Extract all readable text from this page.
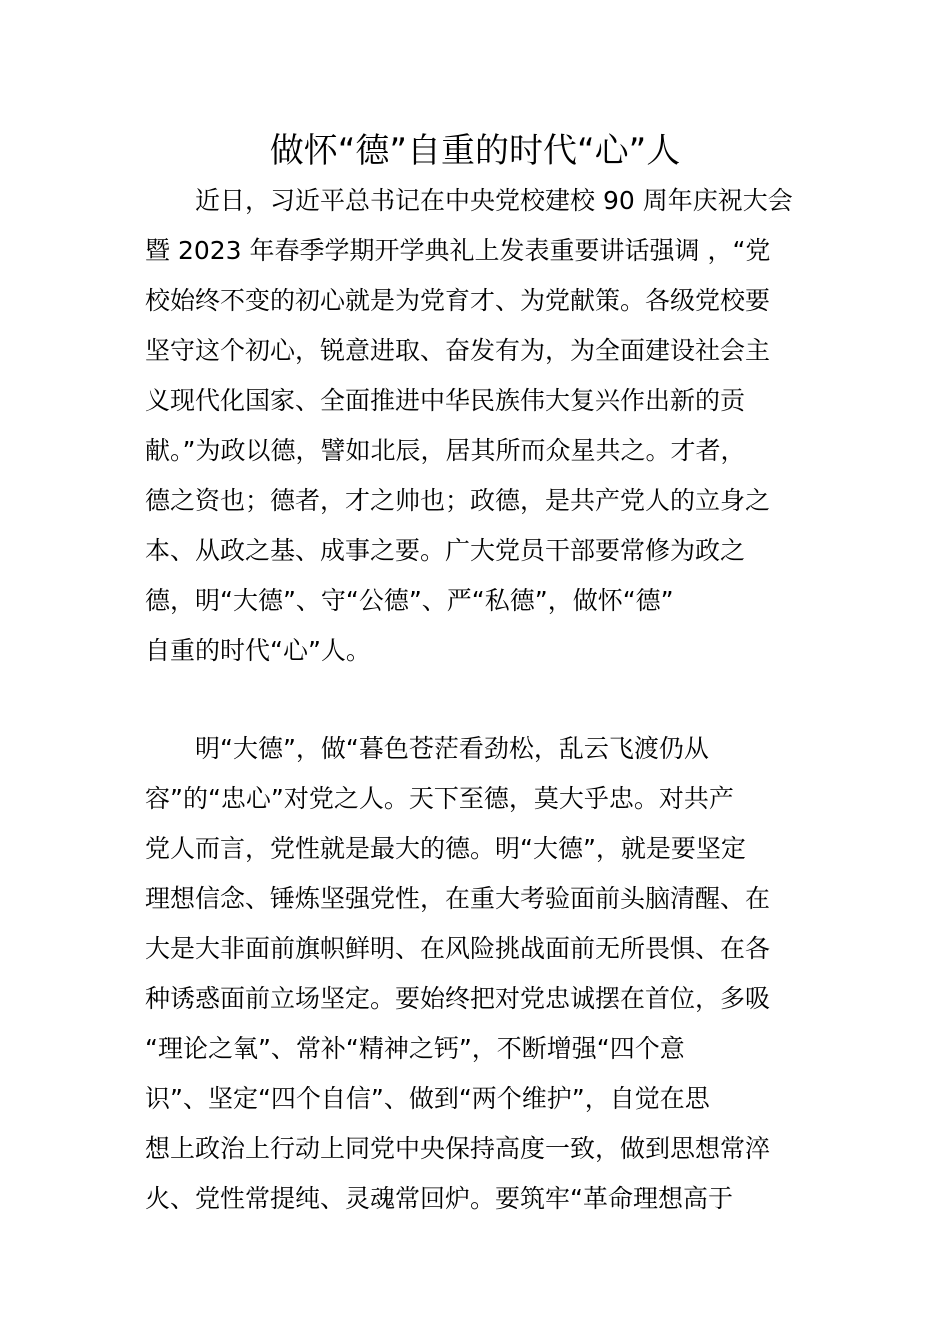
做怀“德”自重的时代“心”人
　　近日，习近平总书记在中央党校建校 90 周年庆祝大会
暨 2023 年春季学期开学典礼上发表重要讲话强调 ，“党
校始终不变的初心就是为党育才、为党献策。各级党校要
坚守这个初心，锐意进取、奋发有为，为全面建设社会主
义现代化国家、全面推进中华民族伟大复兴作出新的贡
献。”为政以德，譬如北辰，居其所而众星共之。才者，
德之资也；德者，才之帅也；政德，是共产党人的立身之
本、从政之基、成事之要。广大党员干部要常修为政之
德，明“大德”、守“公德”、严“私德”，做怀“德”
自重的时代“心”人。
　　明“大德”，做“暮色苍茫看劲松，乱云飞渡仍从
容”的“忠心”对党之人。天下至德，莫大乎忠。对共产
党人而言，党性就是最大的德。明“大德”，就是要坚定
理想信念、锤炼坚强党性，在重大考验面前头脑清醒、在
大是大非面前旗帜鲜明、在风险挑战面前无所畏惧、在各
种诱惑面前立场坚定。要始终把对党忠诚摆在首位，多吸
“理论之氧”、常补“精神之钙”，不断增强“四个意
识”、坚定“四个自信”、做到“两个维护”，自觉在思
想上政治上行动上同党中央保持高度一致，做到思想常淬
火、党性常提纯、灵魂常回炉。要筑牢“革命理想高于
